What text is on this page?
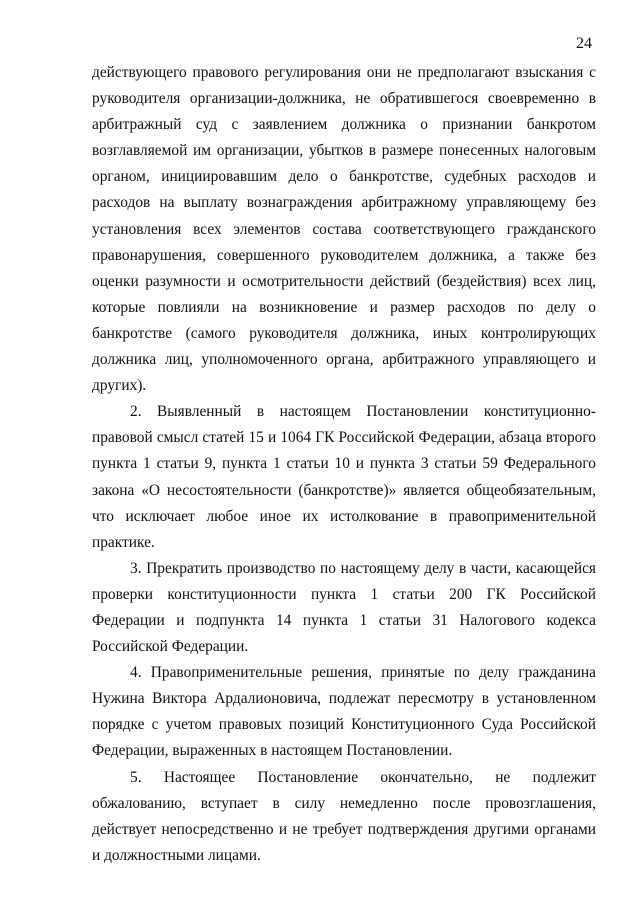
24

действующего правового регулирования они не предполагают взыскания с руководителя организации-должника, не обратившегося своевременно в арбитражный суд с заявлением должника о признании банкротом возглавляемой им организации, убытков в размере понесенных налоговым органом, инициировавшим дело о банкротстве, судебных расходов и расходов на выплату вознаграждения арбитражному управляющему без установления всех элементов состава соответствующего гражданского правонарушения, совершенного руководителем должника, а также без оценки разумности и осмотрительности действий (бездействия) всех лиц, которые повлияли на возникновение и размер расходов по делу о банкротстве (самого руководителя должника, иных контролирующих должника лиц, уполномоченного органа, арбитражного управляющего и других).

2. Выявленный в настоящем Постановлении конституционно-правовой смысл статей 15 и 1064 ГК Российской Федерации, абзаца второго пункта 1 статьи 9, пункта 1 статьи 10 и пункта 3 статьи 59 Федерального закона «О несостоятельности (банкротстве)» является общеобязательным, что исключает любое иное их истолкование в правоприменительной практике.

3. Прекратить производство по настоящему делу в части, касающейся проверки конституционности пункта 1 статьи 200 ГК Российской Федерации и подпункта 14 пункта 1 статьи 31 Налогового кодекса Российской Федерации.

4. Правоприменительные решения, принятые по делу гражданина Нужина Виктора Ардалионовича, подлежат пересмотру в установленном порядке с учетом правовых позиций Конституционного Суда Российской Федерации, выраженных в настоящем Постановлении.

5. Настоящее Постановление окончательно, не подлежит обжалованию, вступает в силу немедленно после провозглашения, действует непосредственно и не требует подтверждения другими органами и должностными лицами.
